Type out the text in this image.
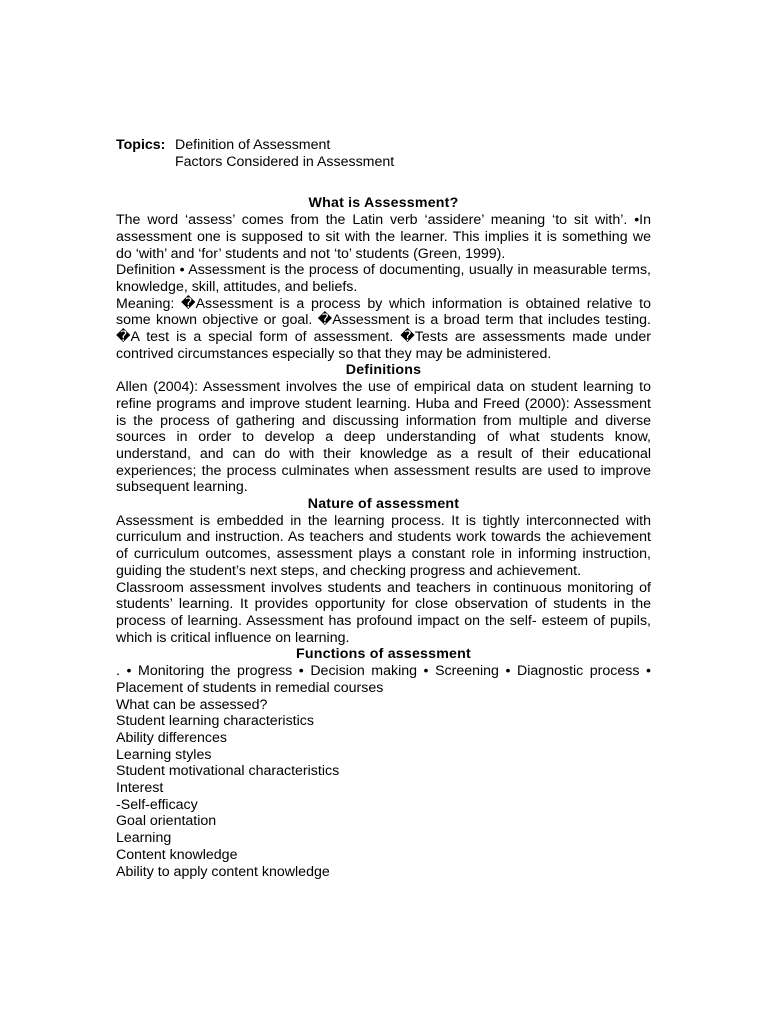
Topics: Definition of Assessment
Factors Considered in Assessment
What is Assessment?
The word ‘assess’ comes from the Latin verb ‘assidere’ meaning ‘to sit with’. •In assessment one is supposed to sit with the learner. This implies it is something we do ‘with’ and ‘for’ students and not ‘to’ students (Green, 1999).
Definition • Assessment is the process of documenting, usually in measurable terms, knowledge, skill, attitudes, and beliefs.
Meaning: �Assessment is a process by which information is obtained relative to some known objective or goal. �Assessment is a broad term that includes testing. �A test is a special form of assessment. �Tests are assessments made under contrived circumstances especially so that they may be administered.
Definitions
Allen (2004): Assessment involves the use of empirical data on student learning to refine programs and improve student learning. Huba and Freed (2000): Assessment is the process of gathering and discussing information from multiple and diverse sources in order to develop a deep understanding of what students know, understand, and can do with their knowledge as a result of their educational experiences; the process culminates when assessment results are used to improve subsequent learning.
Nature of assessment
Assessment is embedded in the learning process. It is tightly interconnected with curriculum and instruction. As teachers and students work towards the achievement of curriculum outcomes, assessment plays a constant role in informing instruction, guiding the student’s next steps, and checking progress and achievement.
Classroom assessment involves students and teachers in continuous monitoring of students’ learning. It provides opportunity for close observation of students in the process of learning. Assessment has profound impact on the self- esteem of pupils, which is critical influence on learning.
Functions of assessment
. • Monitoring the progress • Decision making • Screening • Diagnostic process • Placement of students in remedial courses
What can be assessed?
Student learning characteristics
Ability differences
Learning styles
Student motivational characteristics
Interest
-Self-efficacy
Goal orientation
Learning
Content knowledge
Ability to apply content knowledge
